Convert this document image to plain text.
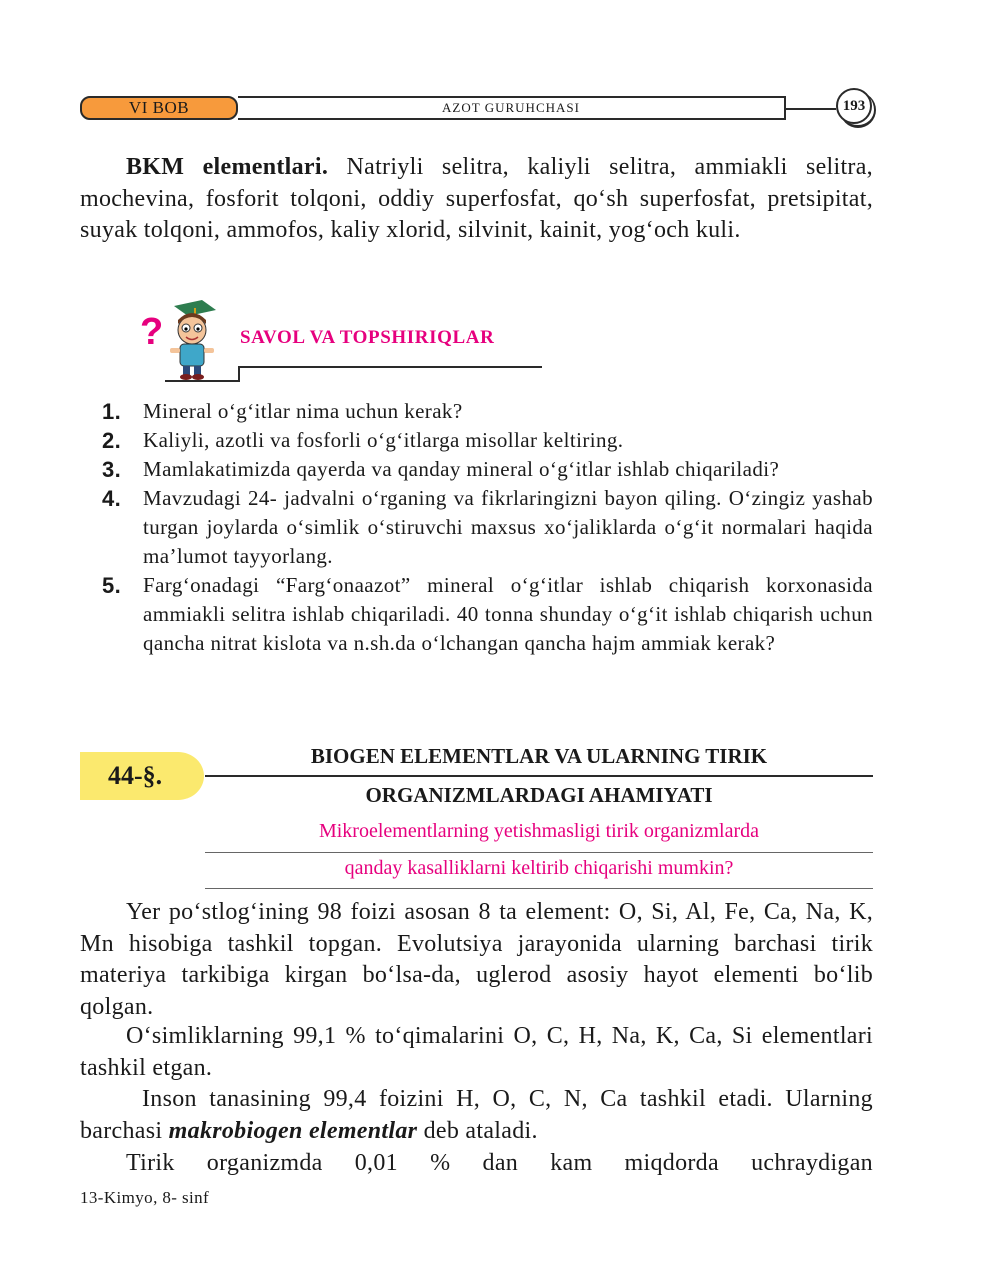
VI BOB	AZOT GURUHCHASI	193

BKM elementlari. Natriyli selitra, kaliyli selitra, ammiakli selitra, mochevina, fosforit tolqoni, oddiy superfosfat, qo‘sh superfosfat, pretsipitat, suyak tolqoni, ammofos, kaliy xlorid, silvinit, kainit, yog‘och kuli.

?	SAVOL VA TOPSHIRIQLAR
1. Mineral o‘g‘itlar nima uchun kerak?
2. Kaliyli, azotli va fosforli o‘g‘itlarga misollar keltiring.
3. Mamlakatimizda qayerda va qanday mineral o‘g‘itlar ishlab chiqariladi?
4. Mavzudagi 24- jadvalni o‘rganing va fikrlaringizni bayon qiling. O‘zingiz yashab turgan joylarda o‘simlik o‘stiruvchi maxsus xo‘jaliklarda o‘g‘it normalari haqida ma’lumot tayyorlang.
5. Farg‘onadagi “Farg‘onaazot” mineral o‘g‘itlar ishlab chiqarish korxonasida ammiakli selitra ishlab chiqariladi. 40 tonna shunday o‘g‘it ishlab chiqarish uchun qancha nitrat kislota va n.sh.da o‘lchangan qancha hajm ammiak kerak?
44-§.
BIOGEN ELEMENTLAR VA ULARNING TIRIK
ORGANIZMLARDAGI AHAMIYATI
Mikroelementlarning yetishmasligi tirik organizmlarda
qanday kasalliklarni keltirib chiqarishi mumkin?

Yer po‘stlog‘ining 98 foizi asosan 8 ta element: O, Si, Al, Fe, Ca, Na, K, Mn hisobiga tashkil topgan. Evolutsiya jarayonida ularning barchasi tirik materiya tarkibiga kirgan bo‘lsa-da, uglerod asosiy hayot elementi bo‘lib qolgan.

O‘simliklarning 99,1 % to‘qimalarini O, C, H, Na, K, Ca, Si elementlari tashkil etgan.

Inson tanasining 99,4 foizini H, O, C, N, Ca tashkil etadi. Ularning barchasi makrobiogen elementlar deb ataladi.

Tirik organizmda 0,01 % dan kam miqdorda uchraydigan

13-Kimyo, 8- sinf
